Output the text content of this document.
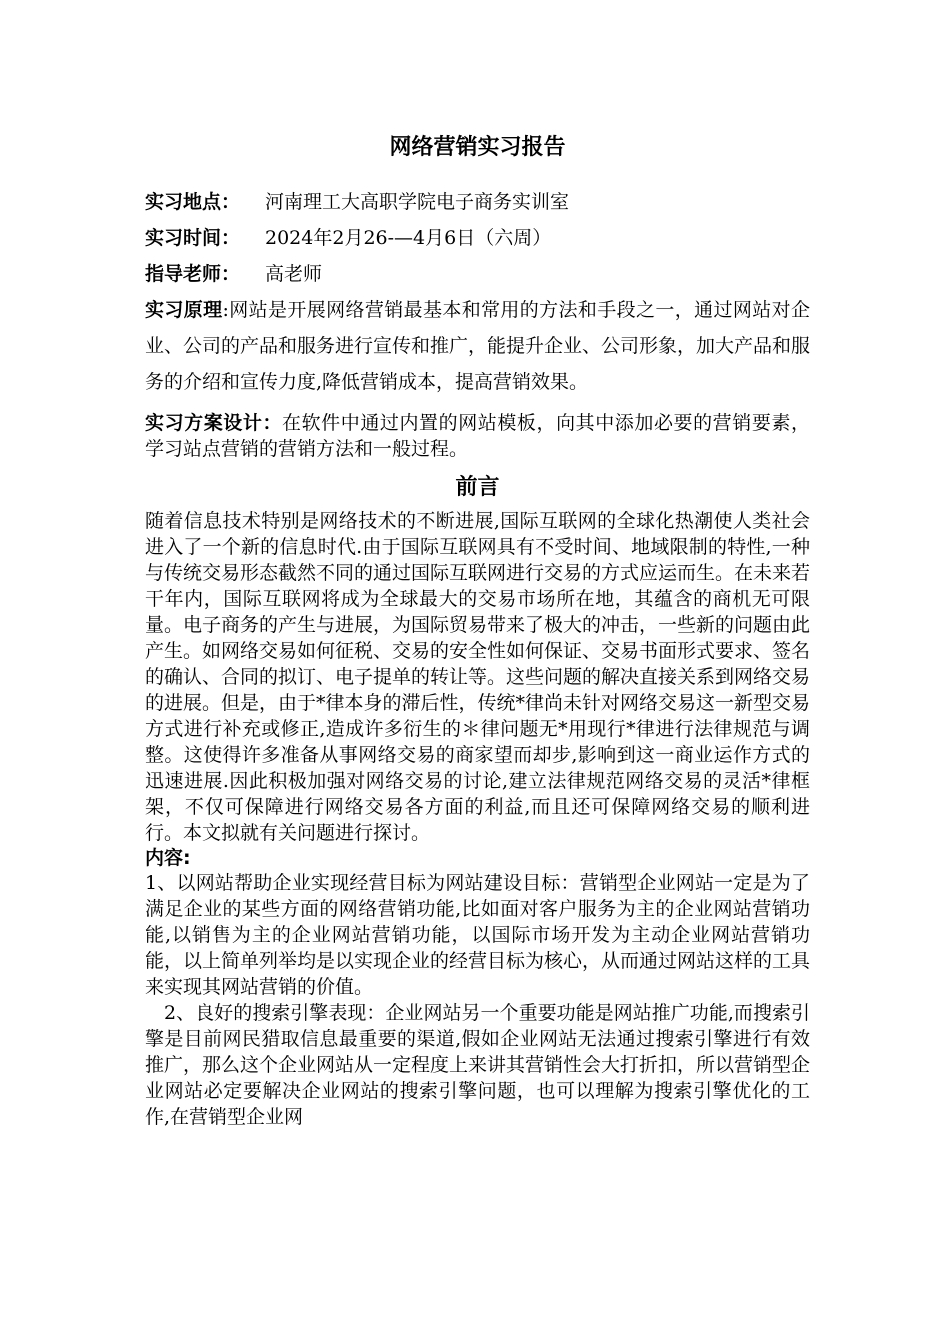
网络营销实习报告
实习地点： 河南理工大高职学院电子商务实训室
实习时间： 2024年2月26-—4月6日（六周）
指导老师： 高老师
实习原理:网站是开展网络营销最基本和常用的方法和手段之一，通过网站对企业、公司的产品和服务进行宣传和推广，能提升企业、公司形象，加大产品和服务的介绍和宣传力度,降低营销成本，提高营销效果。
实习方案设计：在软件中通过内置的网站模板，向其中添加必要的营销要素，学习站点营销的营销方法和一般过程。
前言

随着信息技术特别是网络技术的不断进展,国际互联网的全球化热潮使人类社会进入了一个新的信息时代.由于国际互联网具有不受时间、地域限制的特性,一种与传统交易形态截然不同的通过国际互联网进行交易的方式应运而生。在未来若干年内，国际互联网将成为全球最大的交易市场所在地，其蕴含的商机无可限量。电子商务的产生与进展，为国际贸易带来了极大的冲击，一些新的问题由此产生。如网络交易如何征税、交易的安全性如何保证、交易书面形式要求、签名的确认、合同的拟订、电子提单的转让等。这些问题的解决直接关系到网络交易的进展。但是，由于*律本身的滞后性，传统*律尚未针对网络交易这一新型交易方式进行补充或修正,造成许多衍生的＊律问题无*用现行*律进行法律规范与调整。这使得许多准备从事网络交易的商家望而却步,影响到这一商业运作方式的迅速进展.因此积极加强对网络交易的讨论,建立法律规范网络交易的灵活*律框架，不仅可保障进行网络交易各方面的利益,而且还可保障网络交易的顺利进行。本文拟就有关问题进行探讨。

内容:

1、以网站帮助企业实现经营目标为网站建设目标：营销型企业网站一定是为了满足企业的某些方面的网络营销功能,比如面对客户服务为主的企业网站营销功能,以销售为主的企业网站营销功能，以国际市场开发为主动企业网站营销功能，以上简单列举均是以实现企业的经营目标为核心，从而通过网站这样的工具来实现其网站营销的价值。

2、良好的搜索引擎表现：企业网站另一个重要功能是网站推广功能,而搜索引擎是目前网民猎取信息最重要的渠道,假如企业网站无法通过搜索引擎进行有效推广，那么这个企业网站从一定程度上来讲其营销性会大打折扣，所以营销型企业网站必定要解决企业网站的搜索引擎问题，也可以理解为搜索引擎优化的工作,在营销型企业网
